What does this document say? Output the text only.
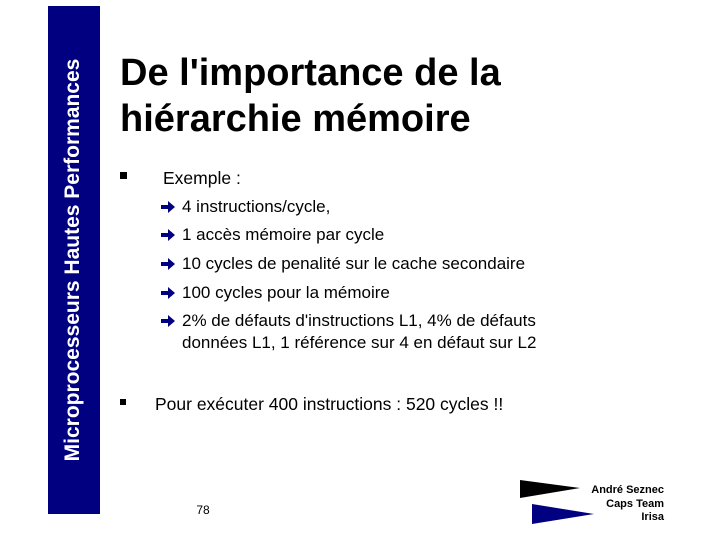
Microprocesseurs Hautes Performances De l'importance de la
hiérarchie mémoire
Exemple :
4 instructions/cycle,
1 accès mémoire par cycle
10 cycles de penalité sur le cache secondaire
100 cycles pour la mémoire
2% de défauts d'instructions L1, 4% de défauts
données L1, 1 référence sur 4 en défaut sur L2
Pour exécuter 400 instructions : 520 cycles !!
78
André Seznec
Caps Team
Irisa
